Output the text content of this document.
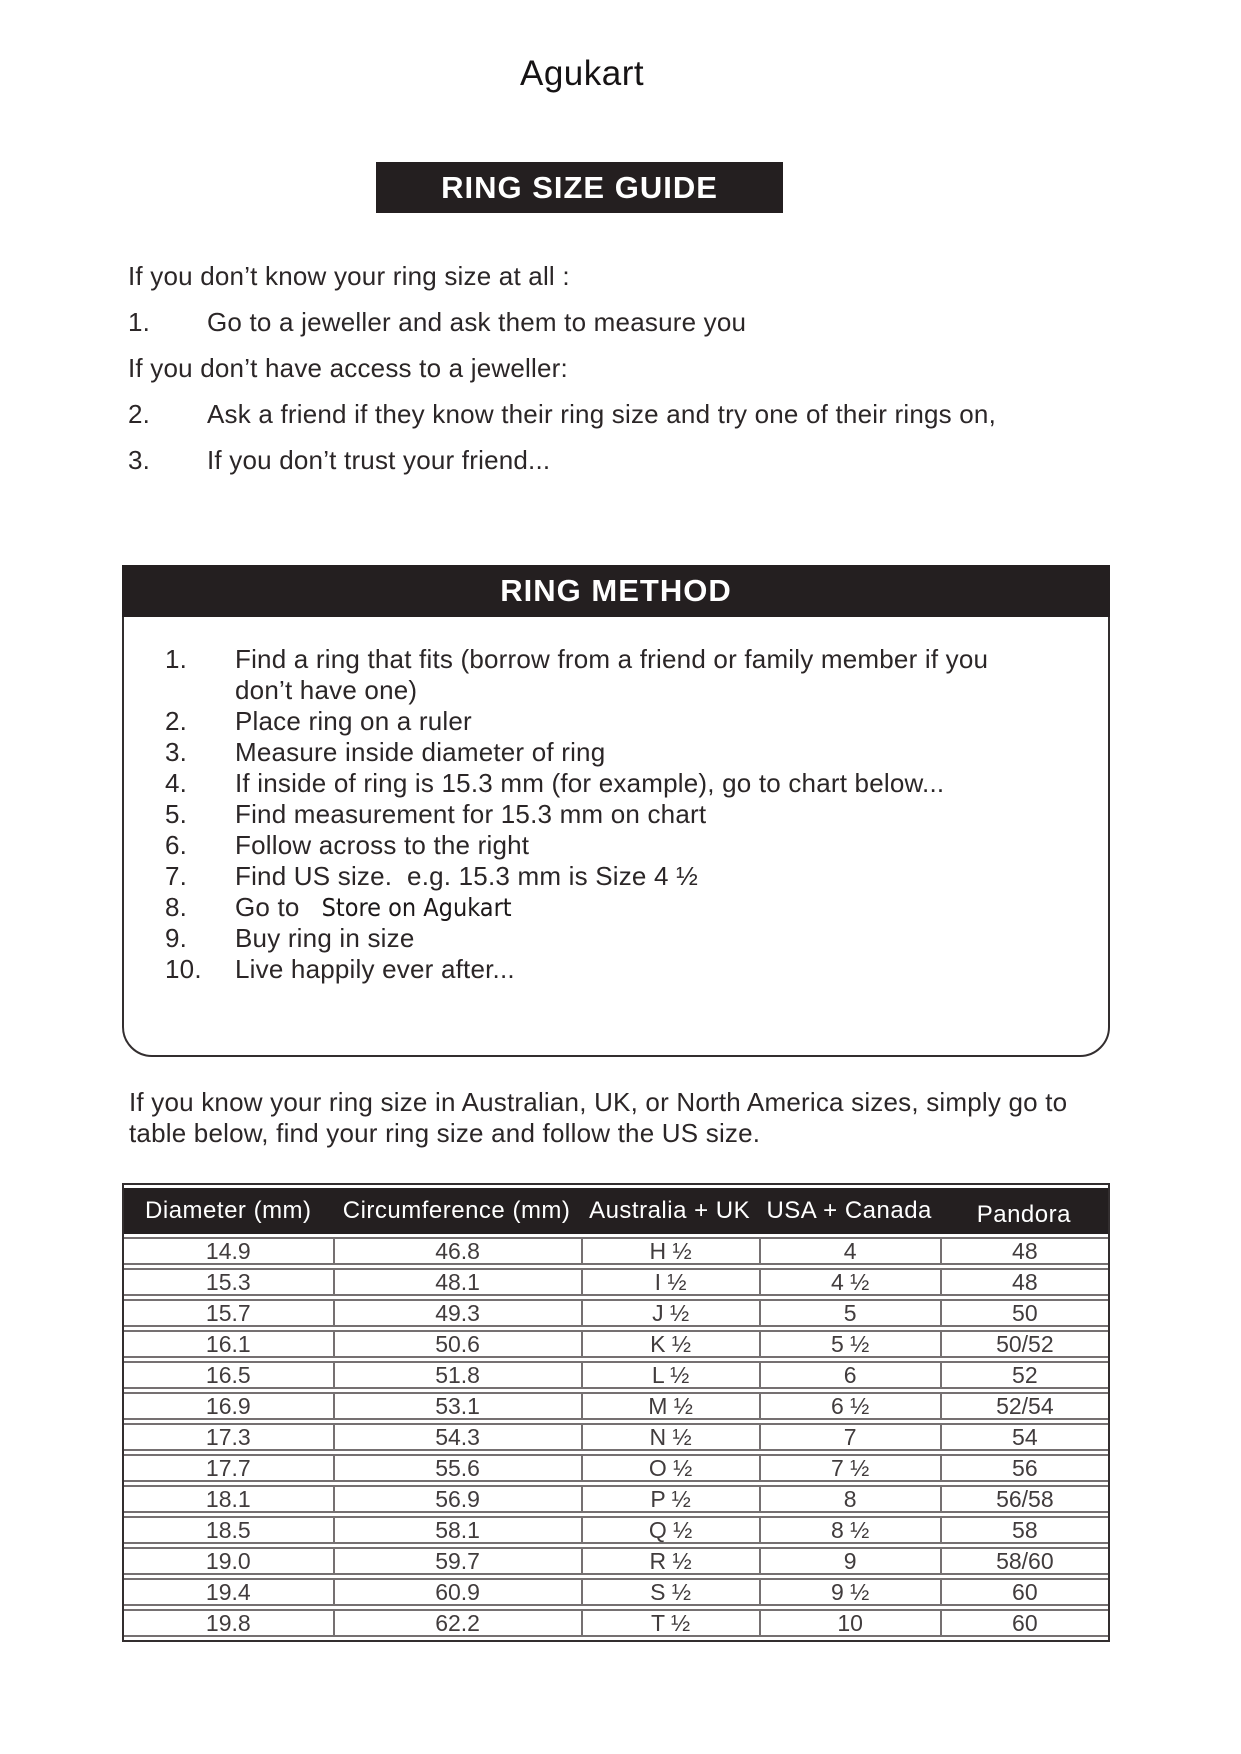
Agukart
RING SIZE GUIDE
If you don’t know your ring size at all :
1.	Go to a jeweller and ask them to measure you
If you don’t have access to a jeweller:
2.	Ask a friend if they know their ring size and try one of their rings on,
3.	If you don’t trust your friend...
RING METHOD
1.	Find a ring that fits (borrow from a friend or family member if you don’t have one)
2.	Place ring on a ruler
3.	Measure inside diameter of ring
4.	If inside of ring is 15.3 mm (for example), go to chart below...
5.	Find measurement for 15.3 mm on chart
6.	Follow across to the right
7.	Find US size.  e.g. 15.3 mm is Size 4 ½
8.	Go to Store on Agukart
9.	Buy ring in size
10.	Live happily ever after...
If you know your ring size in Australian, UK, or North America sizes, simply go to table below, find your ring size and follow the US size.
Diameter (mm)	Circumference (mm)	Australia + UK	USA + Canada	Pandora
14.9	46.8	H ½	4	48
15.3	48.1	I ½	4 ½	48
15.7	49.3	J ½	5	50
16.1	50.6	K ½	5 ½	50/52
16.5	51.8	L ½	6	52
16.9	53.1	M ½	6 ½	52/54
17.3	54.3	N ½	7	54
17.7	55.6	O ½	7 ½	56
18.1	56.9	P ½	8	56/58
18.5	58.1	Q ½	8 ½	58
19.0	59.7	R ½	9	58/60
19.4	60.9	S ½	9 ½	60
19.8	62.2	T ½	10	60
